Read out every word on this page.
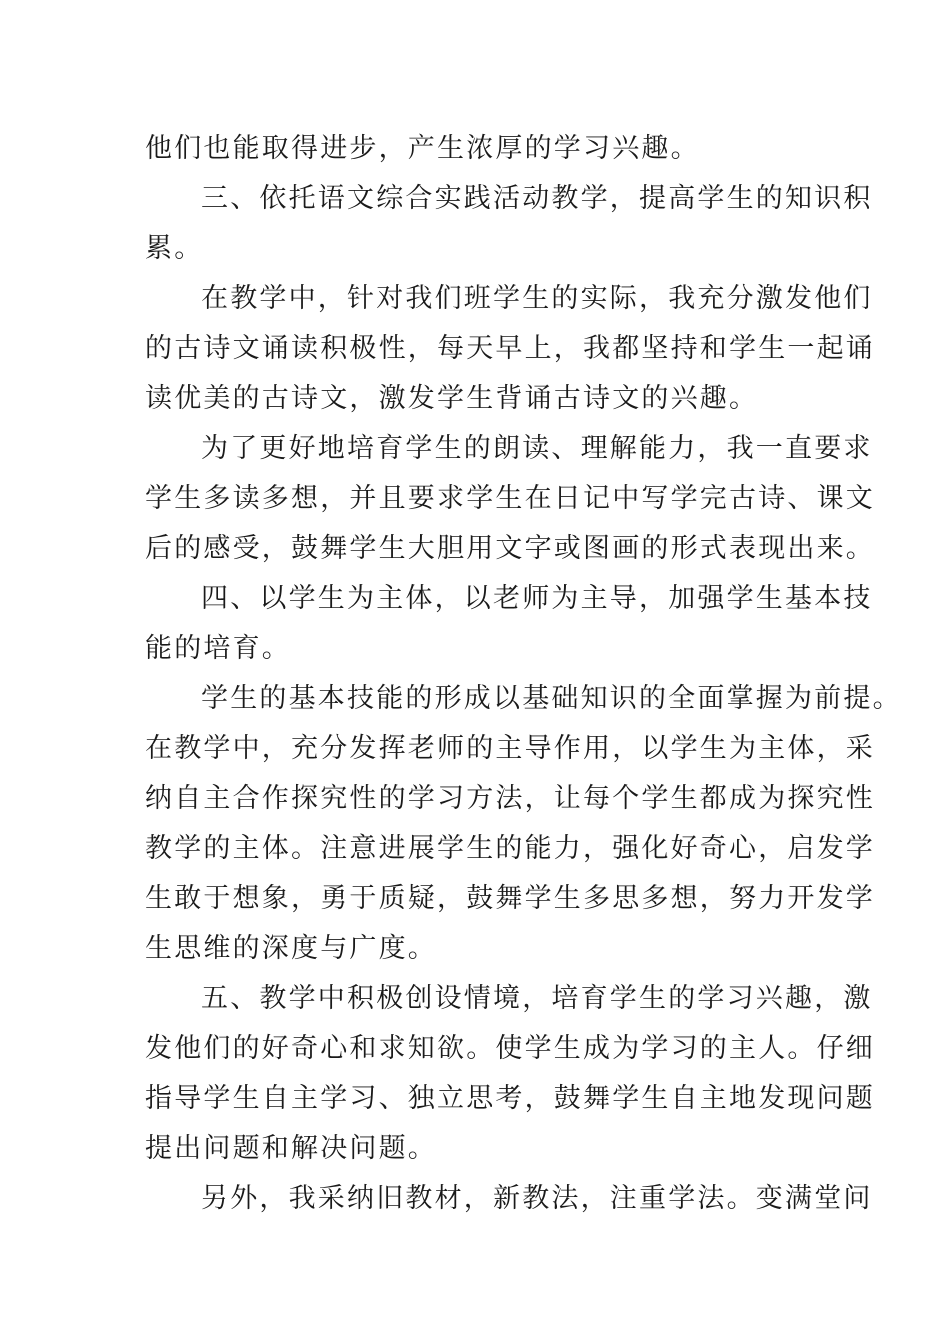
他们也能取得进步，产生浓厚的学习兴趣。
三、依托语文综合实践活动教学，提高学生的知识积
累。
在教学中，针对我们班学生的实际，我充分激发他们
的古诗文诵读积极性，每天早上，我都坚持和学生一起诵
读优美的古诗文，激发学生背诵古诗文的兴趣。
为了更好地培育学生的朗读、理解能力，我一直要求
学生多读多想，并且要求学生在日记中写学完古诗、课文
后的感受，鼓舞学生大胆用文字或图画的形式表现出来。
四、以学生为主体，以老师为主导，加强学生基本技
能的培育。
学生的基本技能的形成以基础知识的全面掌握为前提。
在教学中，充分发挥老师的主导作用，以学生为主体，采
纳自主合作探究性的学习方法，让每个学生都成为探究性
教学的主体。注意进展学生的能力，强化好奇心，启发学
生敢于想象，勇于质疑，鼓舞学生多思多想，努力开发学
生思维的深度与广度。
五、教学中积极创设情境，培育学生的学习兴趣，激
发他们的好奇心和求知欲。使学生成为学习的主人。仔细
指导学生自主学习、独立思考，鼓舞学生自主地发现问题
提出问题和解决问题。
另外，我采纳旧教材，新教法，注重学法。变满堂问
